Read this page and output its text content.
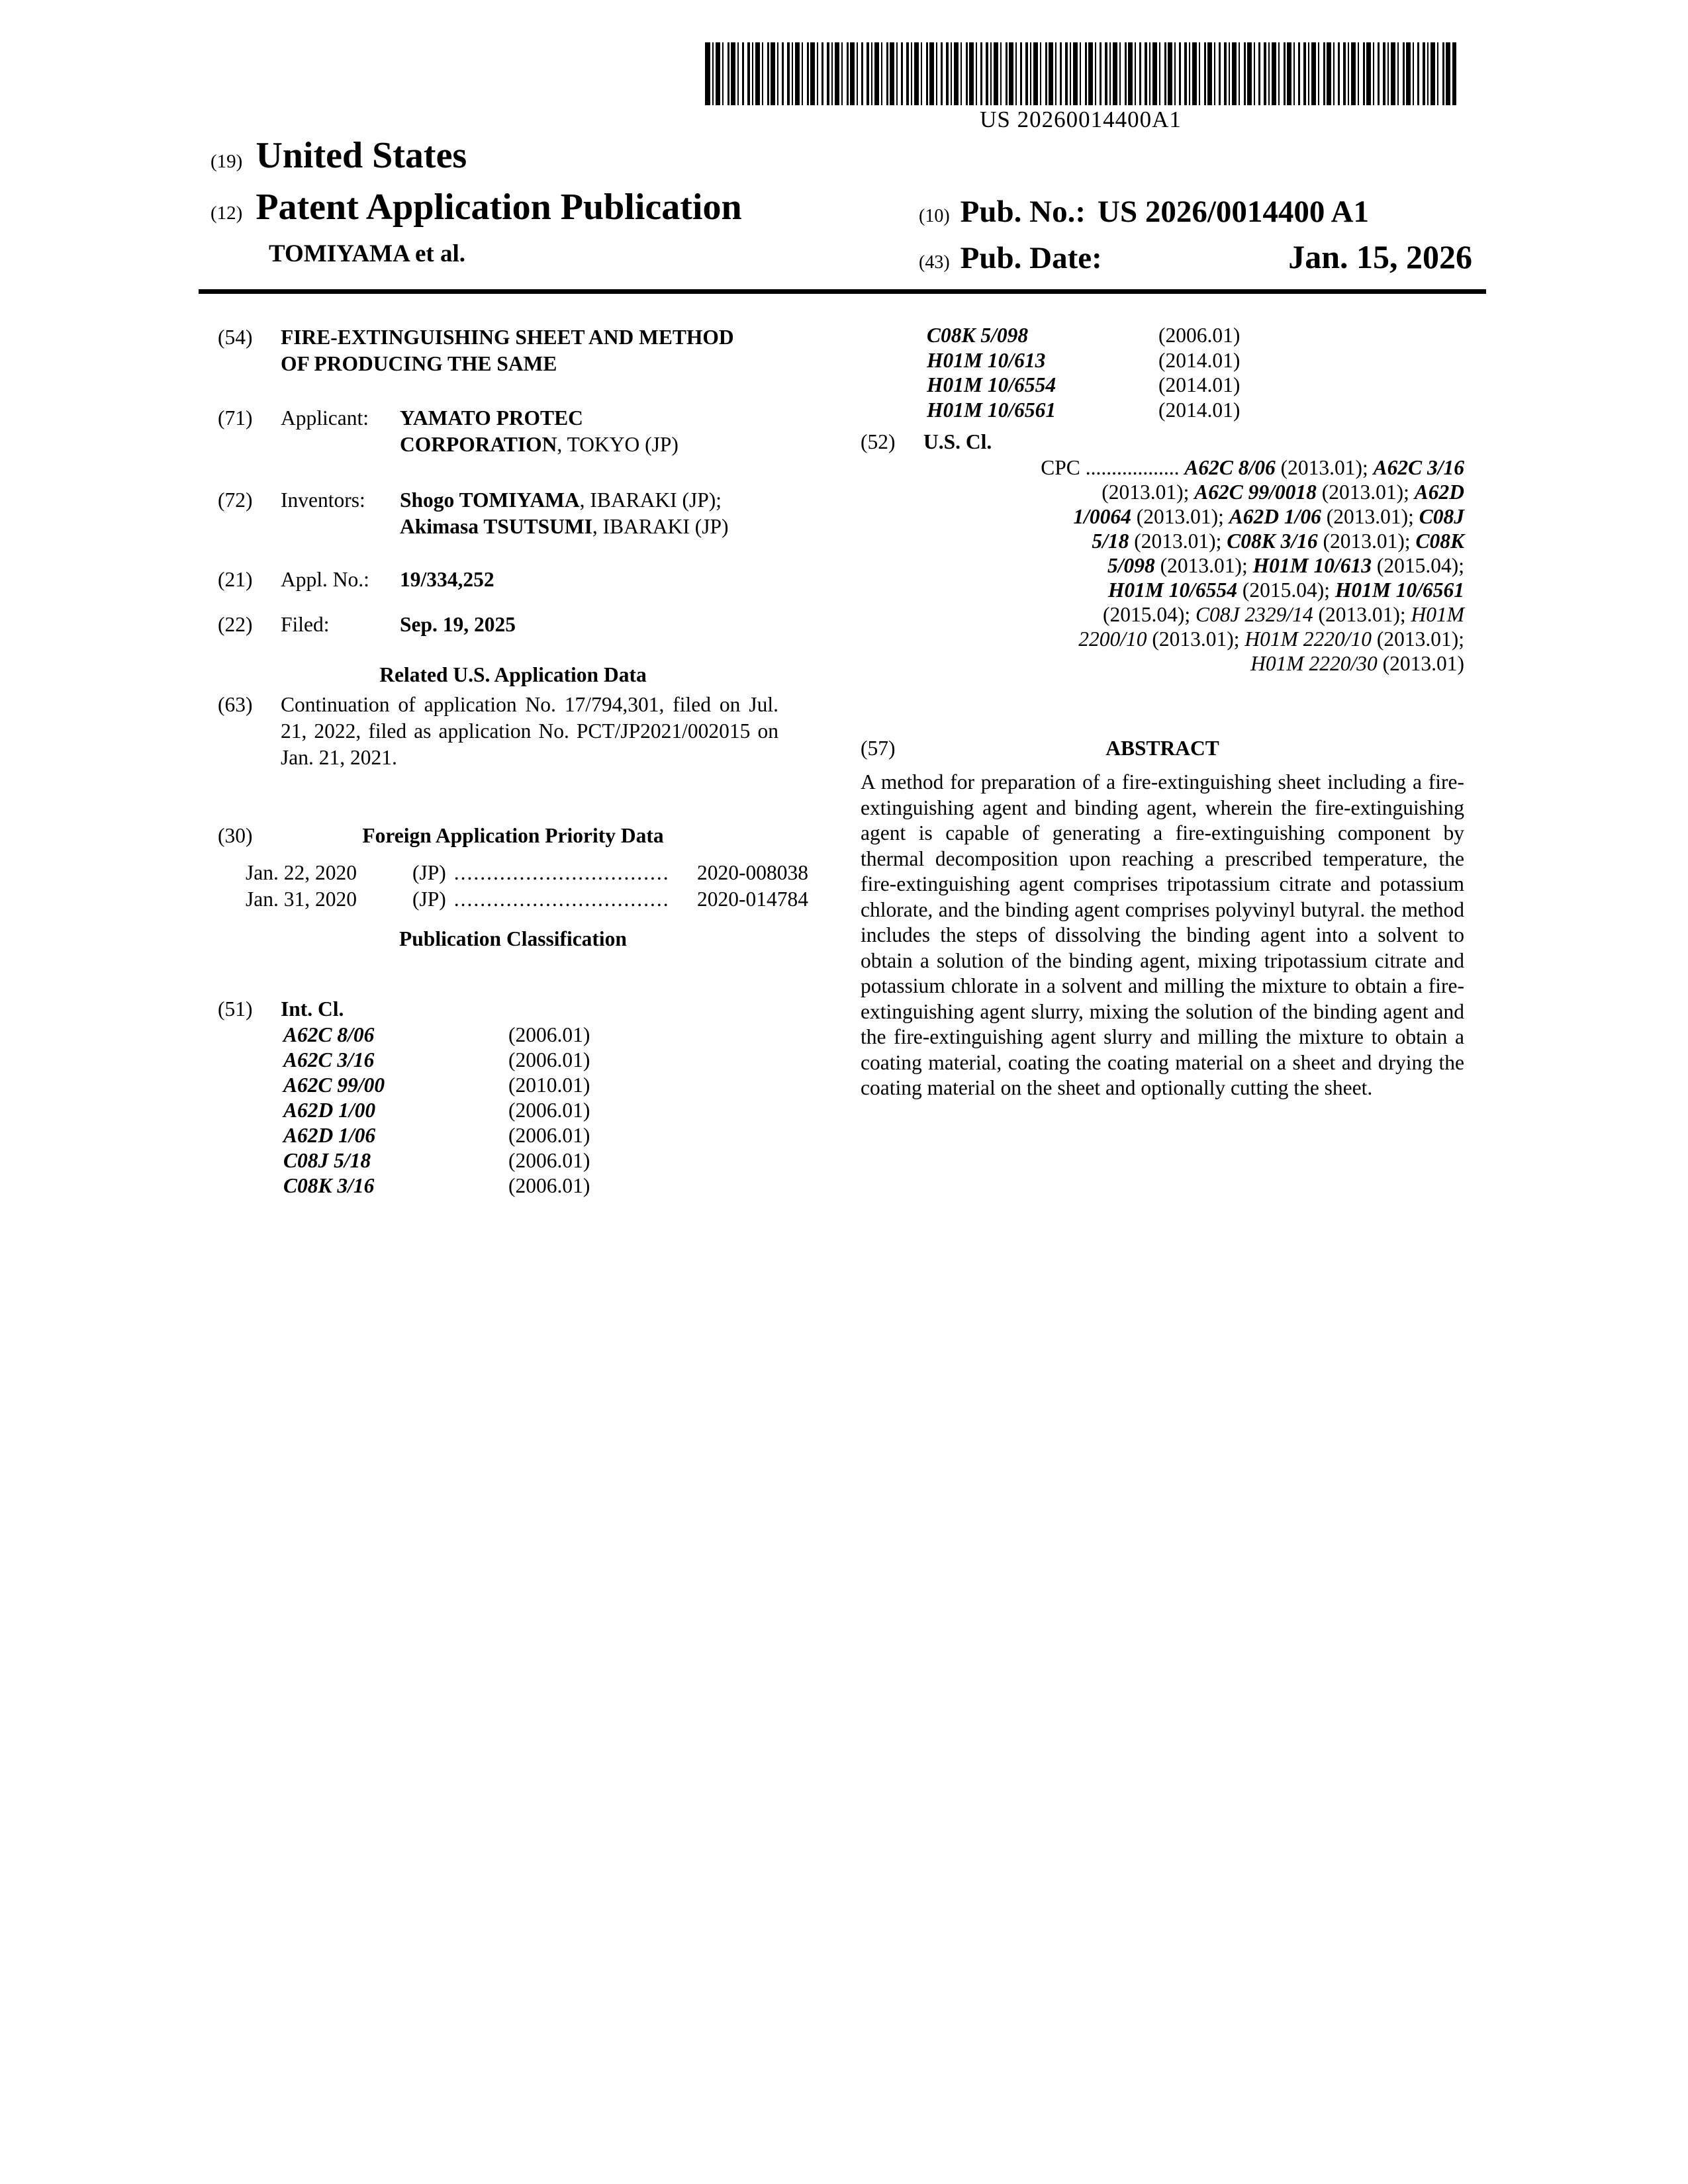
US 20260014400A1
(19) United States
(12) Patent Application Publication
TOMIYAMA et al.
(10) Pub. No.: US 2026/0014400 A1
(43) Pub. Date:	Jan. 15, 2026
(54)	FIRE-EXTINGUISHING SHEET AND METHOD OF PRODUCING THE SAME
(71)	Applicant:	YAMATO PROTEC
CORPORATION, TOKYO (JP)
(72)	Inventors:	Shogo TOMIYAMA, IBARAKI (JP);
Akimasa TSUTSUMI, IBARAKI (JP)
(21)	Appl. No.:	19/334,252
(22)	Filed:	Sep. 19, 2025
Related U.S. Application Data
(63)	Continuation of application No. 17/794,301, filed on Jul. 21, 2022, filed as application No. PCT/JP2021/002015 on Jan. 21, 2021.
(30)	Foreign Application Priority Data
Jan. 22, 2020	(JP) .................................	2020-008038
Jan. 31, 2020	(JP) .................................	2020-014784
Publication Classification
(51)	Int. Cl.
A62C 8/06	(2006.01)
A62C 3/16	(2006.01)
A62C 99/00	(2010.01)
A62D 1/00	(2006.01)
A62D 1/06	(2006.01)
C08J 5/18	(2006.01)
C08K 3/16	(2006.01)
C08K 5/098	(2006.01)
H01M 10/613	(2014.01)
H01M 10/6554	(2014.01)
H01M 10/6561	(2014.01)
(52)	U.S. Cl.
CPC .................. A62C 8/06 (2013.01); A62C 3/16
(2013.01); A62C 99/0018 (2013.01); A62D
1/0064 (2013.01); A62D 1/06 (2013.01); C08J
5/18 (2013.01); C08K 3/16 (2013.01); C08K
5/098 (2013.01); H01M 10/613 (2015.04);
H01M 10/6554 (2015.04); H01M 10/6561
(2015.04); C08J 2329/14 (2013.01); H01M
2200/10 (2013.01); H01M 2220/10 (2013.01);
H01M 2220/30 (2013.01)
(57)	ABSTRACT
A method for preparation of a fire-extinguishing sheet including a fire-extinguishing agent and binding agent, wherein the fire-extinguishing agent is capable of generating a fire-extinguishing component by thermal decomposition upon reaching a prescribed temperature, the fire-extinguishing agent comprises tripotassium citrate and potassium chlorate, and the binding agent comprises polyvinyl butyral. the method includes the steps of dissolving the binding agent into a solvent to obtain a solution of the binding agent, mixing tripotassium citrate and potassium chlorate in a solvent and milling the mixture to obtain a fire-extinguishing agent slurry, mixing the solution of the binding agent and the fire-extinguishing agent slurry and milling the mixture to obtain a coating material, coating the coating material on a sheet and drying the coating material on the sheet and optionally cutting the sheet.
